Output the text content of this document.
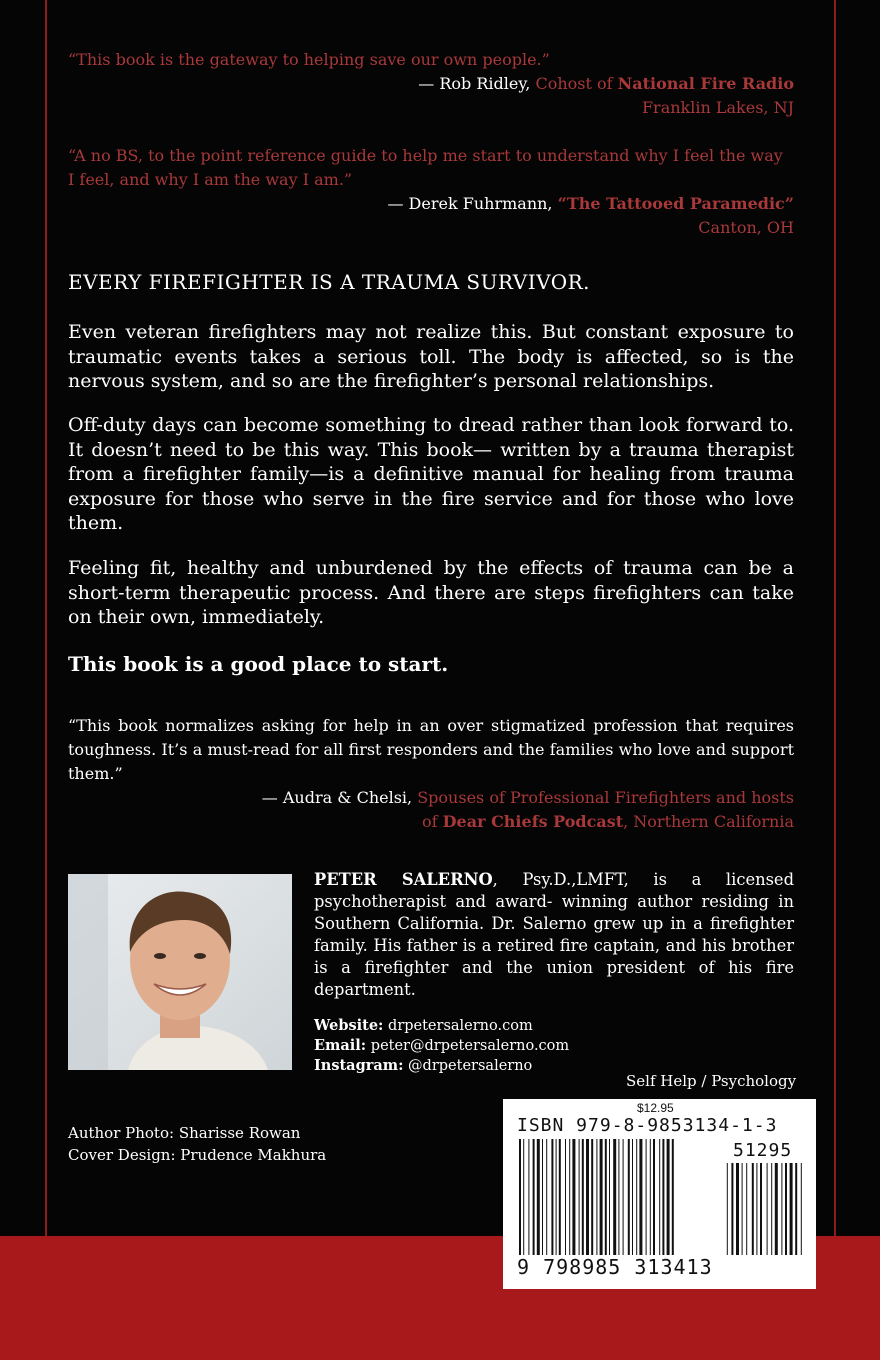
“This book is the gateway to helping save our own people.”
— Rob Ridley, Cohost of National Fire Radio
Franklin Lakes, NJ
“A no BS, to the point reference guide to help me start to understand why I feel the way I feel, and why I am the way I am.”
— Derek Fuhrmann, “The Tattooed Paramedic”
Canton, OH
EVERY FIREFIGHTER IS A TRAUMA SURVIVOR.
Even veteran firefighters may not realize this. But constant exposure to traumatic events takes a serious toll. The body is affected, so is the nervous system, and so are the firefighter’s personal relationships.
Off-duty days can become something to dread rather than look forward to. It doesn’t need to be this way. This book— written by a trauma therapist from a firefighter family—is a definitive manual for healing from trauma exposure for those who serve in the fire service and for those who love them.
Feeling fit, healthy and unburdened by the effects of trauma can be a short-term therapeutic process. And there are steps firefighters can take on their own, immediately.
This book is a good place to start.
“This book normalizes asking for help in an over stigmatized profession that requires toughness. It’s a must-read for all first responders and the families who love and support them.”
— Audra & Chelsi, Spouses of Professional Firefighters and hosts
of Dear Chiefs Podcast, Northern California
PETER SALERNO, Psy.D.,LMFT, is a licensed psychotherapist and award- winning author residing in Southern California. Dr. Salerno grew up in a firefighter family. His father is a retired fire captain, and his brother is a firefighter and the union president of his fire department.
Website: drpetersalerno.com
Email: peter@drpetersalerno.com
Instagram: @drpetersalerno
Self Help / Psychology
Author Photo: Sharisse Rowan
Cover Design: Prudence Makhura
$12.95
ISBN 979-8-9853134-1-3
51295
9 798985 313413
